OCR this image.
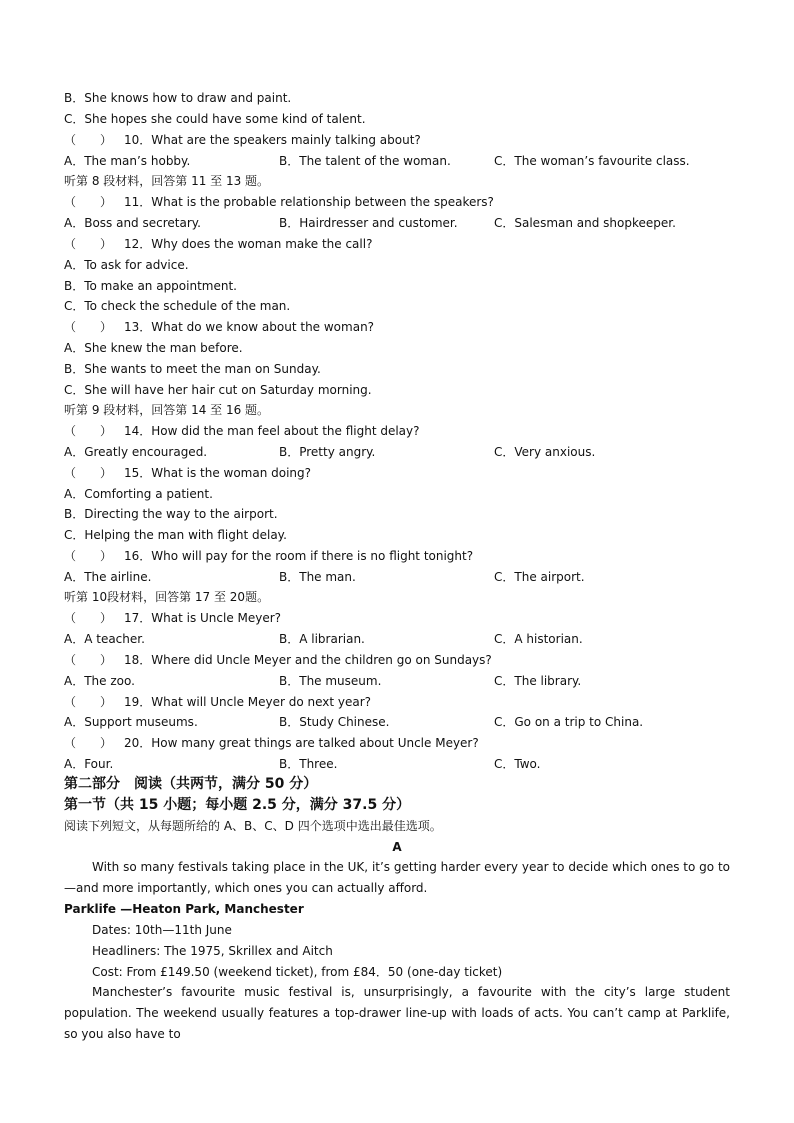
B．She knows how to draw and paint.
C．She hopes she could have some kind of talent.
（　　） 10．What are the speakers mainly talking about?
A．The man’s hobby.	B．The talent of the woman.	C．The woman’s favourite class.
听第 8 段材料，回答第 11 至 13 题。
（　　） 11．What is the probable relationship between the speakers?
A．Boss and secretary.	B．Hairdresser and customer.	C．Salesman and shopkeeper.
（　　） 12．Why does the woman make the call?
A．To ask for advice.
B．To make an appointment.
C．To check the schedule of the man.
（　　） 13．What do we know about the woman?
A．She knew the man before.
B．She wants to meet the man on Sunday.
C．She will have her hair cut on Saturday morning.
听第 9 段材料，回答第 14 至 16 题。
（　　） 14．How did the man feel about the flight delay?
A．Greatly encouraged.	B．Pretty angry.	C．Very anxious.
（　　） 15．What is the woman doing?
A．Comforting a patient.
B．Directing the way to the airport.
C．Helping the man with flight delay.
（　　） 16．Who will pay for the room if there is no flight tonight?
A．The airline.	B．The man.	C．The airport.
听第 10段材料，回答第 17 至 20题。
（　　） 17．What is Uncle Meyer?
A．A teacher.	B．A librarian.	C．A historian.
（　　） 18．Where did Uncle Meyer and the children go on Sundays?
A．The zoo.	B．The museum.	C．The library.
（　　） 19．What will Uncle Meyer do next year?
A．Support museums.	B．Study Chinese.	C．Go on a trip to China.
（　　） 20．How many great things are talked about Uncle Meyer?
A．Four.	B．Three.	C．Two.
第二部分　阅读（共两节，满分 50 分）
第一节（共 15 小题；每小题 2.5 分，满分 37.5 分）
阅读下列短文，从每题所给的 A、B、C、D 四个选项中选出最佳选项。
A
With so many festivals taking place in the UK, it’s getting harder every year to decide which ones to go to—and more importantly, which ones you can actually afford.
Parklife —Heaton Park, Manchester
Dates: 10th—11th June
Headliners: The 1975, Skrillex and Aitch
Cost: From £149.50 (weekend ticket), from £84．50 (one-day ticket)
Manchester’s favourite music festival is, unsurprisingly, a favourite with the city’s large student population. The weekend usually features a top-drawer line-up with loads of acts. You can’t camp at Parklife, so you also have to
